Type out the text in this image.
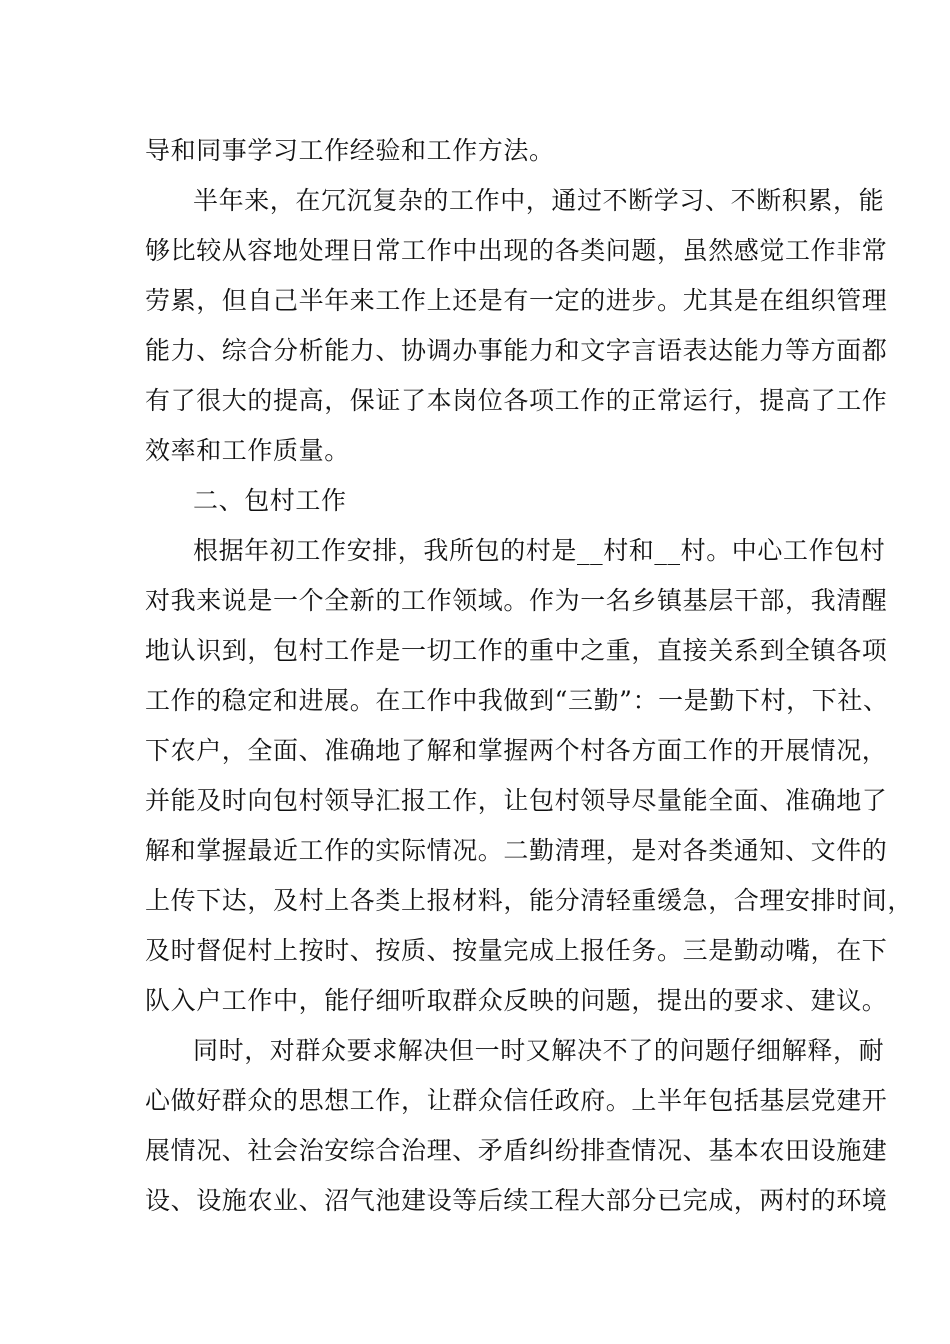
导和同事学习工作经验和工作方法。

半年来，在冗沉复杂的工作中，通过不断学习、不断积累，能

够比较从容地处理日常工作中出现的各类问题，虽然感觉工作非常

劳累，但自己半年来工作上还是有一定的进步。尤其是在组织管理

能力、综合分析能力、协调办事能力和文字言语表达能力等方面都

有了很大的提高，保证了本岗位各项工作的正常运行，提高了工作

效率和工作质量。

二、包村工作

根据年初工作安排，我所包的村是__村和__村。中心工作包村

对我来说是一个全新的工作领域。作为一名乡镇基层干部，我清醒

地认识到，包村工作是一切工作的重中之重，直接关系到全镇各项

工作的稳定和进展。在工作中我做到“三勤”：一是勤下村，下社、

下农户，全面、准确地了解和掌握两个村各方面工作的开展情况，

并能及时向包村领导汇报工作，让包村领导尽量能全面、准确地了

解和掌握最近工作的实际情况。二勤清理，是对各类通知、文件的

上传下达，及村上各类上报材料，能分清轻重缓急，合理安排时间，

及时督促村上按时、按质、按量完成上报任务。三是勤动嘴，在下

队入户工作中，能仔细听取群众反映的问题，提出的要求、建议。

同时，对群众要求解决但一时又解决不了的问题仔细解释，耐

心做好群众的思想工作，让群众信任政府。上半年包括基层党建开

展情况、社会治安综合治理、矛盾纠纷排查情况、基本农田设施建

设、设施农业、沼气池建设等后续工程大部分已完成，两村的环境
